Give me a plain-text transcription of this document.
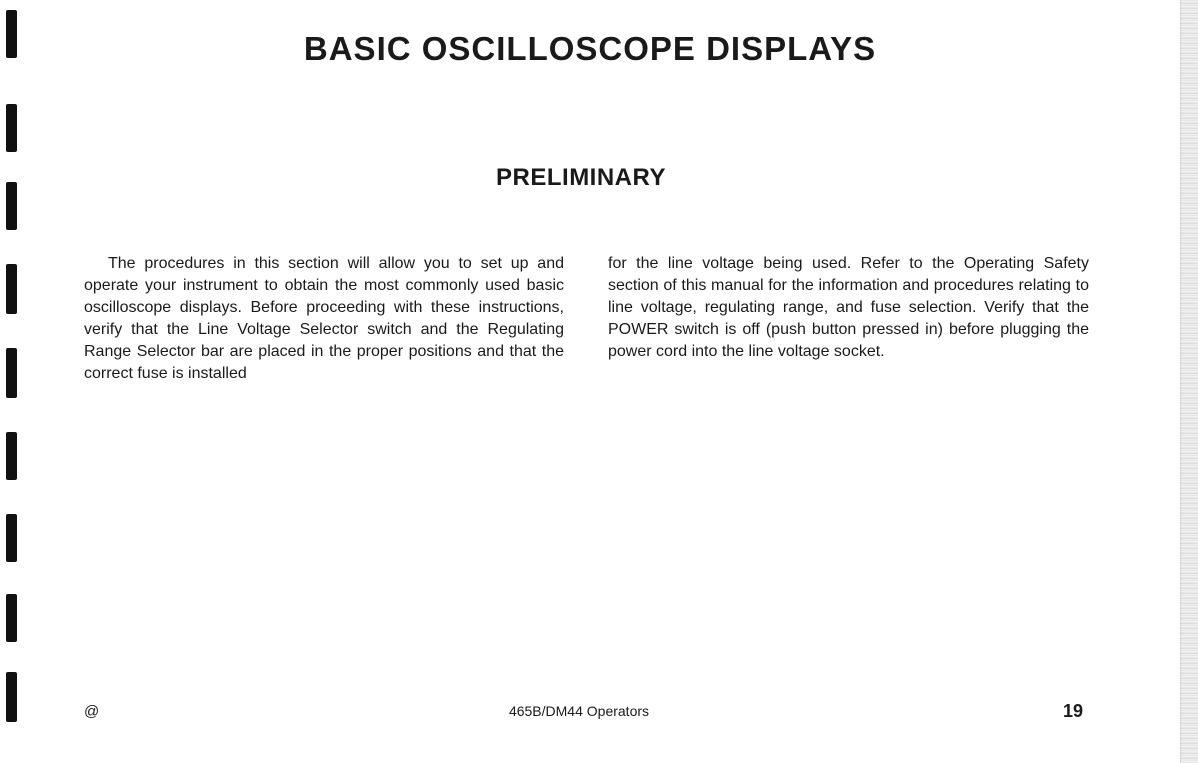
BASIC OSCILLOSCOPE DISPLAYS
PRELIMINARY

The procedures in this section will allow you to set up and operate your instrument to obtain the most commonly used basic oscilloscope displays. Before proceeding with these instructions, verify that the Line Voltage Selector switch and the Regulating Range Selector bar are placed in the proper positions and that the correct fuse is installed

for the line voltage being used. Refer to the Operating Safety section of this manual for the information and procedures relating to line voltage, regulating range, and fuse selection. Verify that the POWER switch is off (push button pressed in) before plugging the power cord into the line voltage socket.

@	465B/DM44 Operators	19
